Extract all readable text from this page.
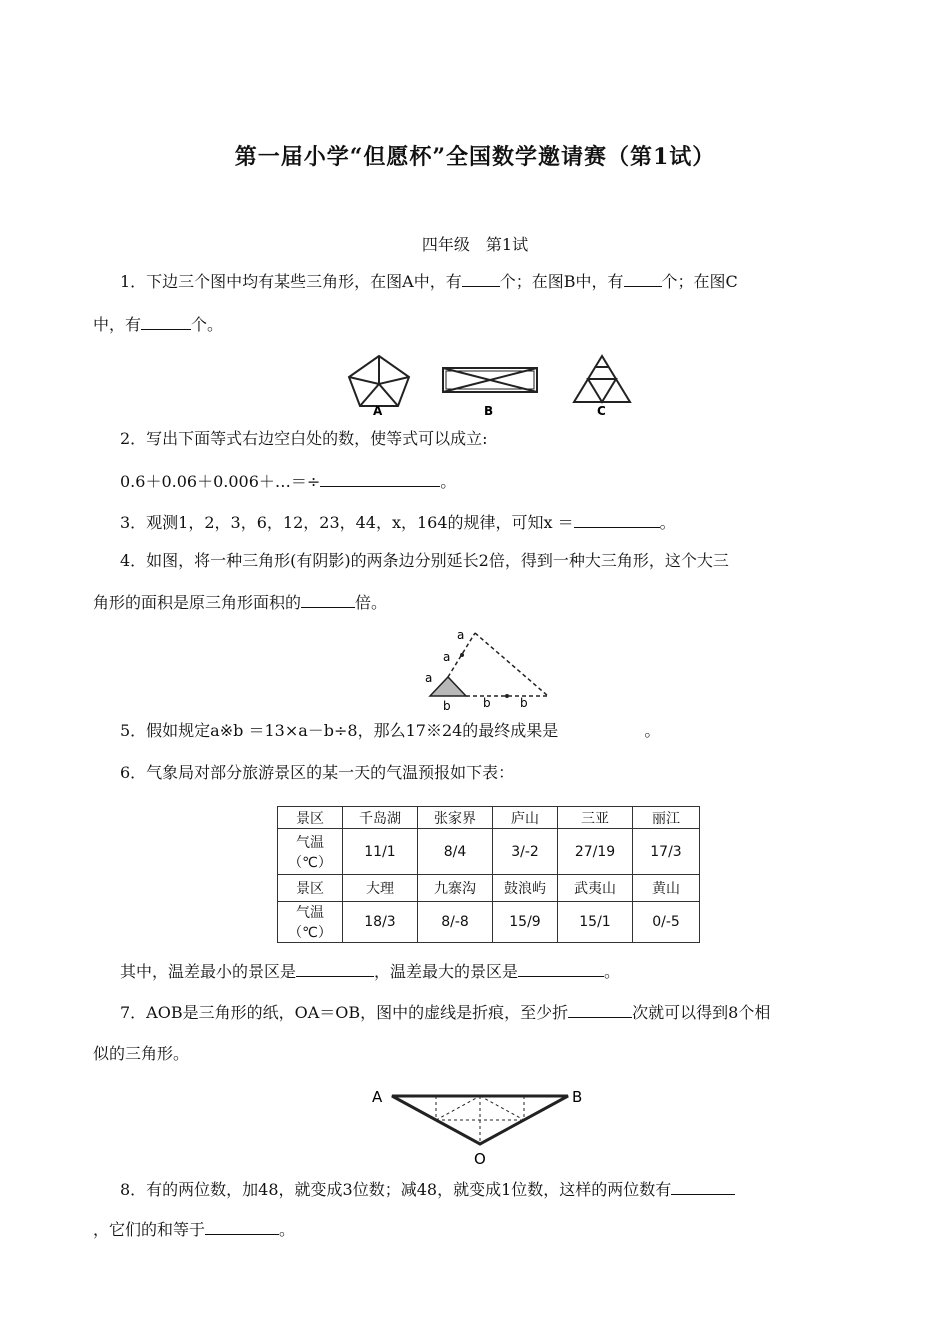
第一届小学“但愿杯”全国数学邀请赛（第1试）
四年级　第1试
1．下边三个图中均有某些三角形，在图A中，有 个；在图B中，有 个；在图C
中，有	个。
A	B	C
2．写出下面等式右边空白处的数，使等式可以成立:
0.6＋0.06＋0.006＋…＝÷	。
3．观测1，2，3，6，12，23，44，x，164的规律，可知x ＝	。
4．如图，将一种三角形(有阴影)的两条边分别延长2倍，得到一种大三角形，这个大三
角形的面积是原三角形面积的	倍。
a
a
a
b	b b
5．假如规定a※b ＝13×a－b÷8，那么17※24的最终成果是	。
6．气象局对部分旅游景区的某一天的气温预报如下表：
景区	千岛湖	张家界	庐山	三亚	丽江

气温
（℃）	11/1	8/4	3/-2	27/19	17/3
景区	大理	九寨沟	鼓浪屿	武夷山	黄山

气温
（℃）	18/3	8/-8	15/9	15/1	0/-5
其中，温差最小的景区是	，温差最大的景区是	。
7．AOB是三角形的纸，OA＝OB，图中的虚线是折痕，至少折	次就可以得到8个相
似的三角形。
A	B
O
8．有的两位数，加48，就变成3位数；减48，就变成1位数，这样的两位数有
，它们的和等于	。
